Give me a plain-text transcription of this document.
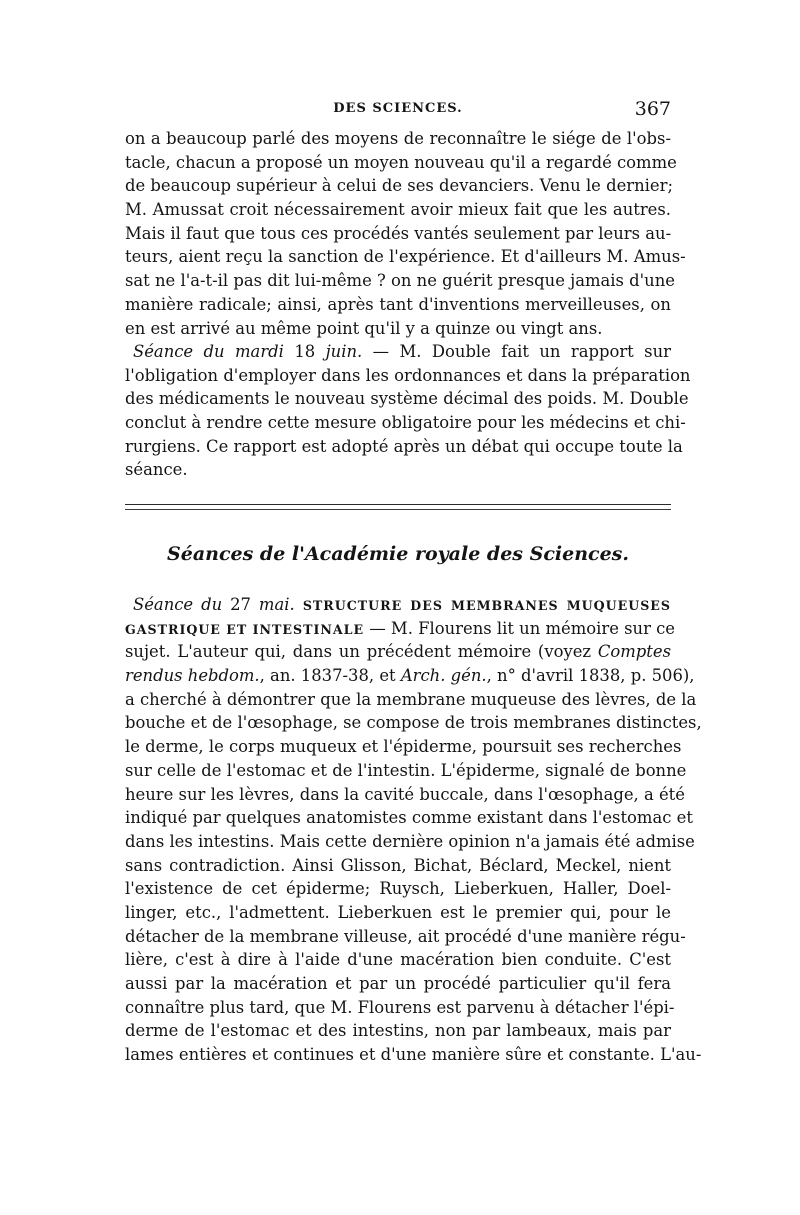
DES SCIENCES.	367
on a beaucoup parlé des moyens de reconnaître le siége de l'obs-
tacle, chacun a proposé un moyen nouveau qu'il a regardé comme
de beaucoup supérieur à celui de ses devanciers. Venu le dernier;
M. Amussat croit nécessairement avoir mieux fait que les autres.
Mais il faut que tous ces procédés vantés seulement par leurs au-
teurs, aient reçu la sanction de l'expérience. Et d'ailleurs M. Amus-
sat ne l'a-t-il pas dit lui-même ? on ne guérit presque jamais d'une
manière radicale; ainsi, après tant d'inventions merveilleuses, on
en est arrivé au même point qu'il y a quinze ou vingt ans.
Séance du mardi 18 juin. — M. Double fait un rapport sur
l'obligation d'employer dans les ordonnances et dans la préparation
des médicaments le nouveau système décimal des poids. M. Double
conclut à rendre cette mesure obligatoire pour les médecins et chi-
rurgiens. Ce rapport est adopté après un débat qui occupe toute la
séance.
Séances de l'Académie royale des Sciences.
Séance du 27 mai. STRUCTURE DES MEMBRANES MUQUEUSES
GASTRIQUE ET INTESTINALE — M. Flourens lit un mémoire sur ce
sujet. L'auteur qui, dans un précédent mémoire (voyez Comptes
rendus hebdom., an. 1837-38, et Arch. gén., n° d'avril 1838, p. 506),
a cherché à démontrer que la membrane muqueuse des lèvres, de la
bouche et de l'œsophage, se compose de trois membranes distinctes,
le derme, le corps muqueux et l'épiderme, poursuit ses recherches
sur celle de l'estomac et de l'intestin. L'épiderme, signalé de bonne
heure sur les lèvres, dans la cavité buccale, dans l'œsophage, a été
indiqué par quelques anatomistes comme existant dans l'estomac et
dans les intestins. Mais cette dernière opinion n'a jamais été admise
sans contradiction. Ainsi Glisson, Bichat, Béclard, Meckel, nient
l'existence de cet épiderme; Ruysch, Lieberkuen, Haller, Doel-
linger, etc., l'admettent. Lieberkuen est le premier qui, pour le
détacher de la membrane villeuse, ait procédé d'une manière régu-
lière, c'est à dire à l'aide d'une macération bien conduite. C'est
aussi par la macération et par un procédé particulier qu'il fera
connaître plus tard, que M. Flourens est parvenu à détacher l'épi-
derme de l'estomac et des intestins, non par lambeaux, mais par
lames entières et continues et d'une manière sûre et constante. L'au-
